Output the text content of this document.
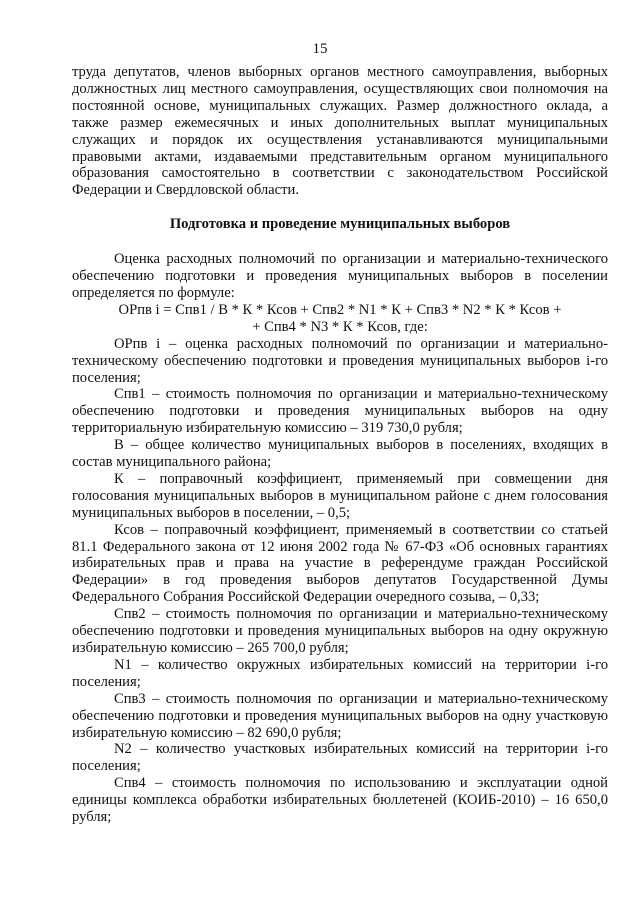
15

труда депутатов, членов выборных органов местного самоуправления, выборных должностных лиц местного самоуправления, осуществляющих свои полномочия на постоянной основе, муниципальных служащих. Размер должностного оклада, а также размер ежемесячных и иных дополнительных выплат муниципальных служащих и порядок их осуществления устанавливаются муниципальными правовыми актами, издаваемыми представительным органом муниципального образования самостоятельно в соответствии с законодательством Российской Федерации и Свердловской области.

Подготовка и проведение муниципальных выборов

Оценка расходных полномочий по организации и материально-технического обеспечению подготовки и проведения муниципальных выборов в поселении определяется по формуле:

ОРпв i = Спв1 / В * К * Ксов + Спв2 * N1 * К + Спв3 * N2 * К * Ксов +
+ Спв4 * N3 * К * Ксов, где:

ОРпв i – оценка расходных полномочий по организации и материально-техническому обеспечению подготовки и проведения муниципальных выборов i-го поселения;

Спв1 – стоимость полномочия по организации и материально-техническому обеспечению подготовки и проведения муниципальных выборов на одну территориальную избирательную комиссию – 319 730,0 рубля;

В – общее количество муниципальных выборов в поселениях, входящих в состав муниципального района;

К – поправочный коэффициент, применяемый при совмещении дня голосования муниципальных выборов в муниципальном районе с днем голосования муниципальных выборов в поселении, – 0,5;

Ксов – поправочный коэффициент, применяемый в соответствии со статьей 81.1 Федерального закона от 12 июня 2002 года № 67-ФЗ «Об основных гарантиях избирательных прав и права на участие в референдуме граждан Российской Федерации» в год проведения выборов депутатов Государственной Думы Федерального Собрания Российской Федерации очередного созыва, – 0,33;

Спв2 – стоимость полномочия по организации и материально-техническому обеспечению подготовки и проведения муниципальных выборов на одну окружную избирательную комиссию – 265 700,0 рубля;

N1 – количество окружных избирательных комиссий на территории i-го поселения;

Спв3 – стоимость полномочия по организации и материально-техническому обеспечению подготовки и проведения муниципальных выборов на одну участковую избирательную комиссию – 82 690,0 рубля;

N2 – количество участковых избирательных комиссий на территории i-го поселения;

Спв4 – стоимость полномочия по использованию и эксплуатации одной единицы комплекса обработки избирательных бюллетеней (КОИБ-2010) – 16 650,0 рубля;
